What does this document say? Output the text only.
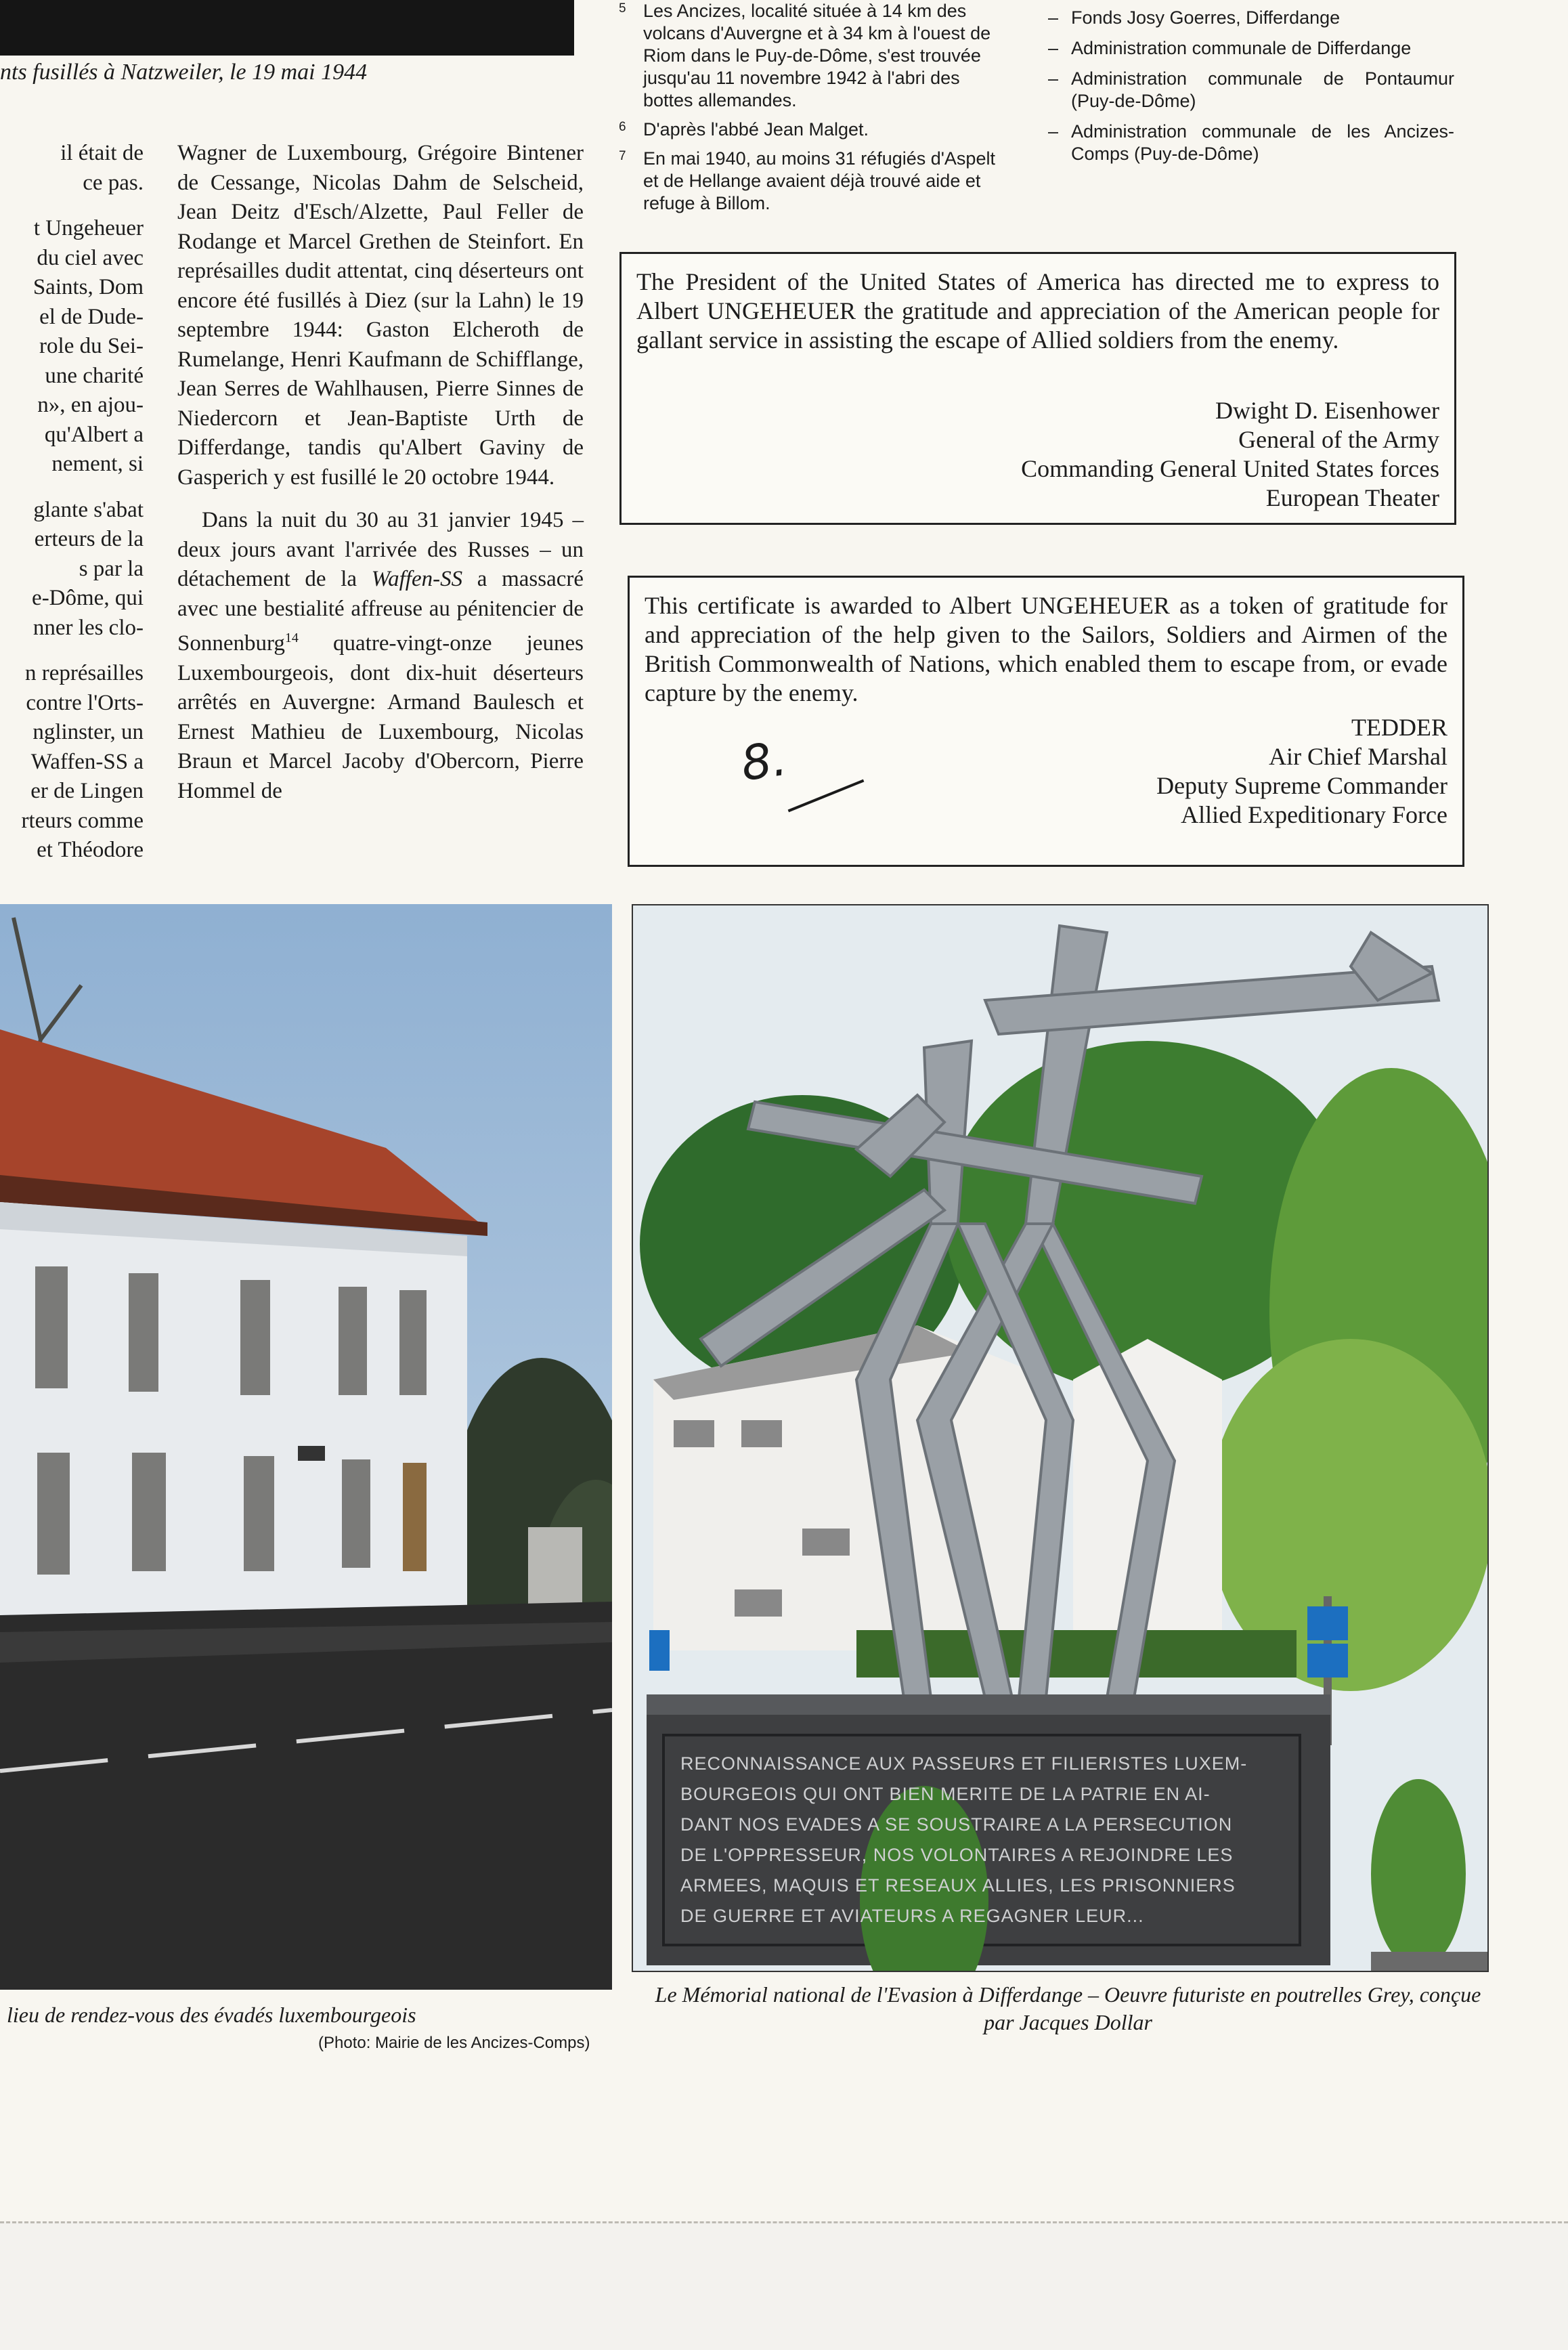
nts fusillés à Natzweiler, le 19 mai 1944

il était de
ce pas.

t Ungeheuer
du ciel avec
Saints, Dom
el de Dude-
role du Sei-
une charité
n», en ajou-
qu'Albert a
nement, si

glante s'abat
erteurs de la
s par la
e-Dôme, qui
nner les clo-

n représailles
contre l'Orts-
nglinster, un
Waffen-SS a
er de Lingen
rteurs comme
et Théodore

Wagner de Luxembourg, Grégoire Bintener de Cessange, Nicolas Dahm de Selscheid, Jean Deitz d'Esch/Alzette, Paul Feller de Rodange et Marcel Grethen de Steinfort. En représailles dudit attentat, cinq déserteurs ont encore été fusillés à Diez (sur la Lahn) le 19 septembre 1944: Gaston Elcheroth de Rumelange, Henri Kaufmann de Schifflange, Jean Serres de Wahlhausen, Pierre Sinnes de Niedercorn et Jean-Baptiste Urth de Differdange, tandis qu'Albert Gaviny de Gasperich y est fusillé le 20 octobre 1944.

Dans la nuit du 30 au 31 janvier 1945 – deux jours avant l'arrivée des Russes – un détachement de la Waffen-SS a massacré avec une bestialité affreuse au pénitencier de Sonnenburg$^{14}$ quatre-vingt-onze jeunes Luxembourgeois, dont dix-huit déserteurs arrêtés en Auvergne: Armand Baulesch et Ernest Mathieu de Luxembourg, Nicolas Braun et Marcel Jacoby d'Obercorn, Pierre Hommel de

5 Les Ancizes, localité située à 14 km des volcans d'Auvergne et à 34 km à l'ouest de Riom dans le Puy-de-Dôme, s'est trouvée jusqu'au 11 novembre 1942 à l'abri des bottes allemandes.
6 D'après l'abbé Jean Malget.
7 En mai 1940, au moins 31 réfugiés d'Aspelt et de Hellange avaient déjà trouvé aide et refuge à Billom.
– Fonds Josy Goerres, Differdange
– Administration communale de Differdange
– Administration communale de Pontaumur (Puy-de-Dôme)
– Administration communale de les Ancizes-Comps (Puy-de-Dôme)
The President of the United States of America has directed me to express to Albert UNGEHEUER the gratitude and appreciation of the American people for gallant service in assisting the escape of Allied soldiers from the enemy.
Dwight D. Eisenhower
General of the Army
Commanding General United States forces
European Theater
This certificate is awarded to Albert UNGEHEUER as a token of gratitude for and appreciation of the help given to the Sailors, Soldiers and Airmen of the British Commonwealth of Nations, which enabled them to escape from, or evade capture by the enemy.
8.
TEDDER
Air Chief Marshal
Deputy Supreme Commander
Allied Expeditionary Force
RECONNAISSANCE AUX PASSEURS ET FILIERISTES LUXEM-
BOURGEOIS QUI ONT BIEN MERITE DE LA PATRIE EN AI-
DANT NOS EVADES A SE SOUSTRAIRE A LA PERSECUTION
DE L'OPPRESSEUR, NOS VOLONTAIRES A REJOINDRE LES
ARMEES, MAQUIS ET RESEAUX ALLIES, LES PRISONNIERS
DE GUERRE ET AVIATEURS A REGAGNER LEUR...
lieu de rendez-vous des évadés luxembourgeois
(Photo: Mairie de les Ancizes-Comps)
Le Mémorial national de l'Evasion à Differdange – Oeuvre futuriste en poutrelles Grey, conçue par Jacques Dollar
